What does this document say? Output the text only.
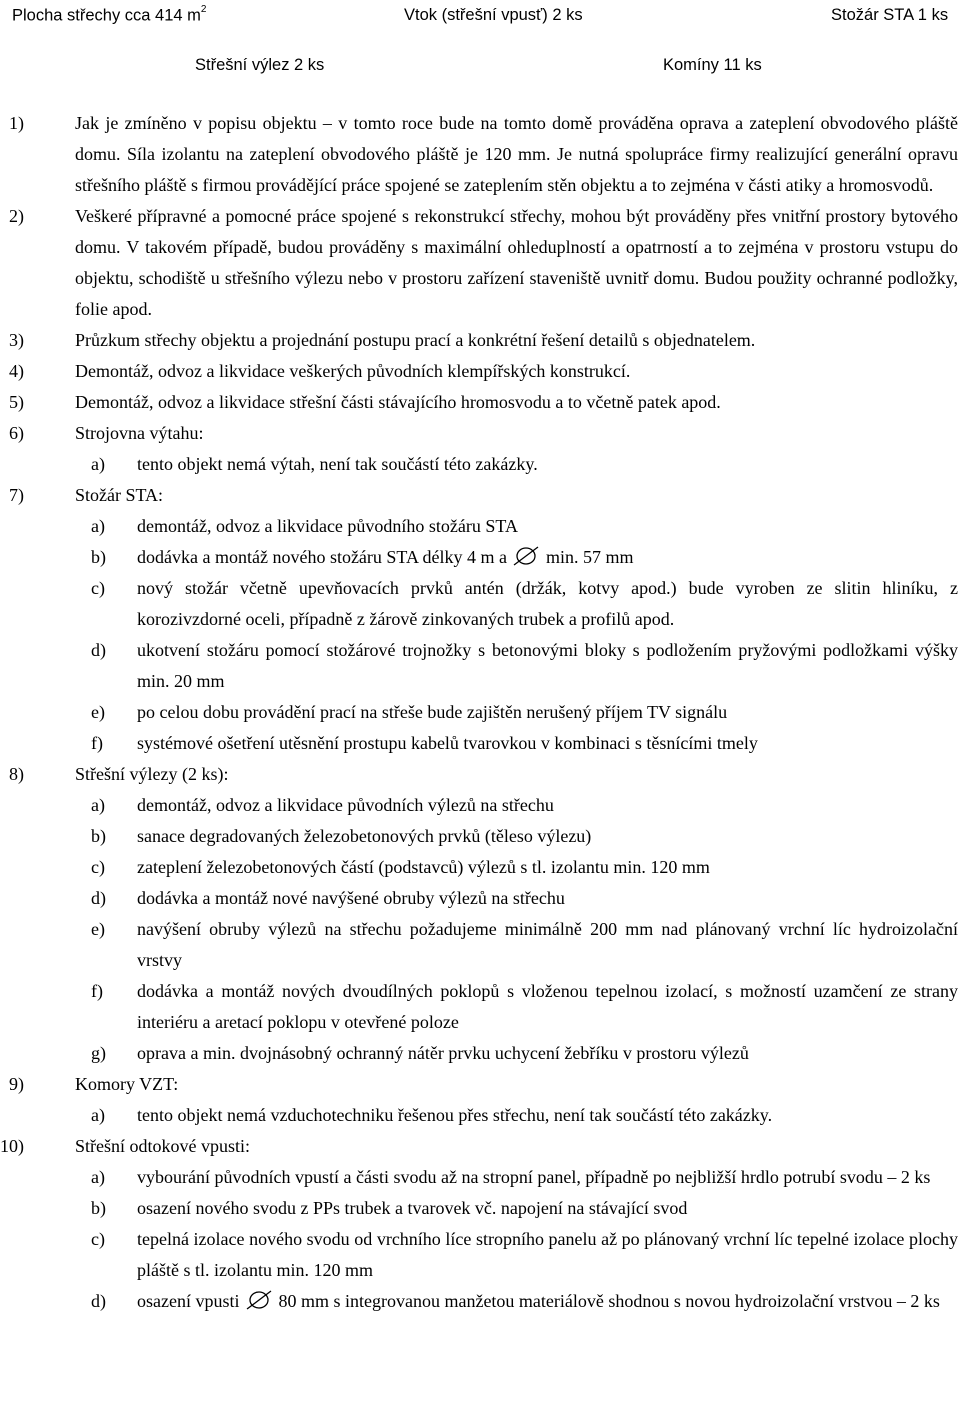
Plocha střechy cca 414 $m^2$	Vtok (střešní vpusť) 2 ks	Stožár STA 1 ks
Střešní výlez 2 ks	Komíny 11 ks
1)	Jak je zmíněno v popisu objektu – v tomto roce bude na tomto domě prováděna oprava a zateplení obvodového pláště domu. Síla izolantu na zateplení obvodového pláště je 120 mm. Je nutná spolupráce firmy realizující generální opravu střešního pláště s firmou provádějící práce spojené se zateplením stěn objektu a to zejména v části atiky a hromosvodů.
2)	Veškeré přípravné a pomocné práce spojené s rekonstrukcí střechy, mohou být prováděny přes vnitřní prostory bytového domu. V takovém případě, budou prováděny s maximální ohleduplností a opatrností a to zejména v prostoru vstupu do objektu, schodiště u střešního výlezu nebo v prostoru zařízení staveniště uvnitř domu. Budou použity ochranné podložky, folie apod.
3)	Průzkum střechy objektu a projednání postupu prací a konkrétní řešení detailů s objednatelem.
4)	Demontáž, odvoz a likvidace veškerých původních klempířských konstrukcí.
5)	Demontáž, odvoz a likvidace střešní části stávajícího hromosvodu a to včetně patek apod.
6)	Strojovna výtahu:
a) tento objekt nemá výtah, není tak součástí této zakázky.
7)	Stožár STA:
a) demontáž, odvoz a likvidace původního stožáru STA
b) dodávka a montáž nového stožáru STA délky 4 m a min. 57 mm
c) nový stožár včetně upevňovacích prvků antén (držák, kotvy apod.) bude vyroben ze slitin hliníku, z korozivzdorné oceli, případně z žárově zinkovaných trubek a profilů apod.
d) ukotvení stožáru pomocí stožárové trojnožky s betonovými bloky s podložením pryžovými podložkami výšky min. 20 mm
e) po celou dobu provádění prací na střeše bude zajištěn nerušený příjem TV signálu
f) systémové ošetření utěsnění prostupu kabelů tvarovkou v kombinaci s těsnícími tmely
8)	Střešní výlezy (2 ks):
a) demontáž, odvoz a likvidace původních výlezů na střechu
b) sanace degradovaných železobetonových prvků (těleso výlezu)
c) zateplení železobetonových částí (podstavců) výlezů s tl. izolantu min. 120 mm
d) dodávka a montáž nové navýšené obruby výlezů na střechu
e) navýšení obruby výlezů na střechu požadujeme minimálně 200 mm nad plánovaný vrchní líc hydroizolační vrstvy
f) dodávka a montáž nových dvoudílných poklopů s vloženou tepelnou izolací, s možností uzamčení ze strany interiéru a aretací poklopu v otevřené poloze
g) oprava a min. dvojnásobný ochranný nátěr prvku uchycení žebříku v prostoru výlezů
9)	Komory VZT:
a) tento objekt nemá vzduchotechniku řešenou přes střechu, není tak součástí této zakázky.
10)	Střešní odtokové vpusti:
a) vybourání původních vpustí a části svodu až na stropní panel, případně po nejbližší hrdlo potrubí svodu – 2 ks
b) osazení nového svodu z PPs trubek a tvarovek vč. napojení na stávající svod
c) tepelná izolace nového svodu od vrchního líce stropního panelu až po plánovaný vrchní líc tepelné izolace plochy pláště s tl. izolantu min. 120 mm
d) osazení vpusti 80 mm s integrovanou manžetou materiálově shodnou s novou hydroizolační vrstvou – 2 ks
